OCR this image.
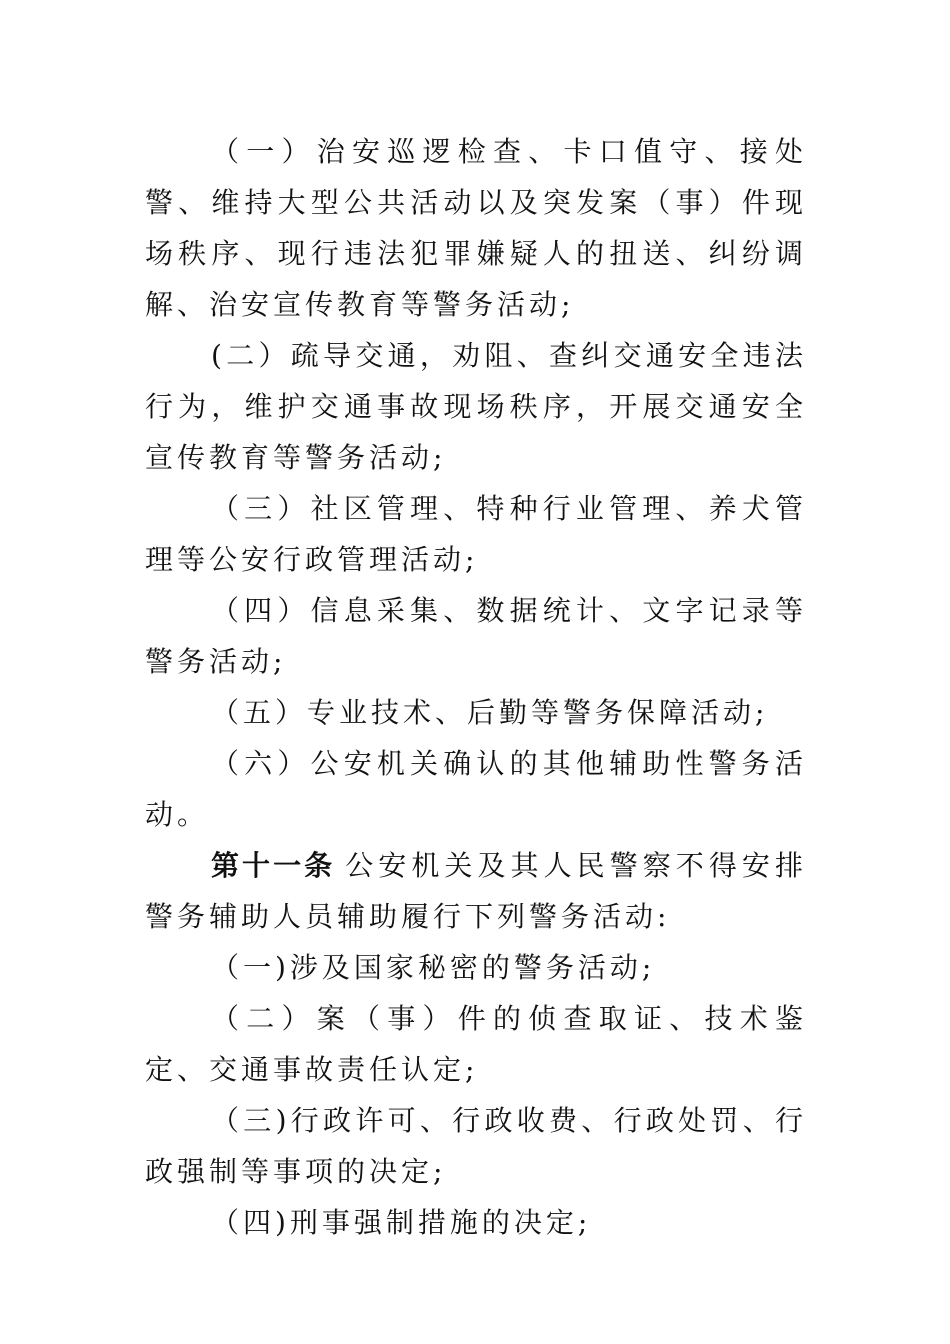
（一）治安巡逻检查、卡口值守、接处警、维持大型公共活动以及突发案（事）件现场秩序、现行违法犯罪嫌疑人的扭送、纠纷调解、治安宣传教育等警务活动;

(二）疏导交通，劝阻、查纠交通安全违法行为，维护交通事故现场秩序，开展交通安全宣传教育等警务活动;

（三）社区管理、特种行业管理、养犬管理等公安行政管理活动;

（四）信息采集、数据统计、文字记录等警务活动;

（五）专业技术、后勤等警务保障活动;

（六）公安机关确认的其他辅助性警务活动。

第十一条 公安机关及其人民警察不得安排警务辅助人员辅助履行下列警务活动:

（一)涉及国家秘密的警务活动;

（二）案（事）件的侦查取证、技术鉴定、交通事故责任认定;

（三)行政许可、行政收费、行政处罚、行政强制等事项的决定;

（四)刑事强制措施的决定;
